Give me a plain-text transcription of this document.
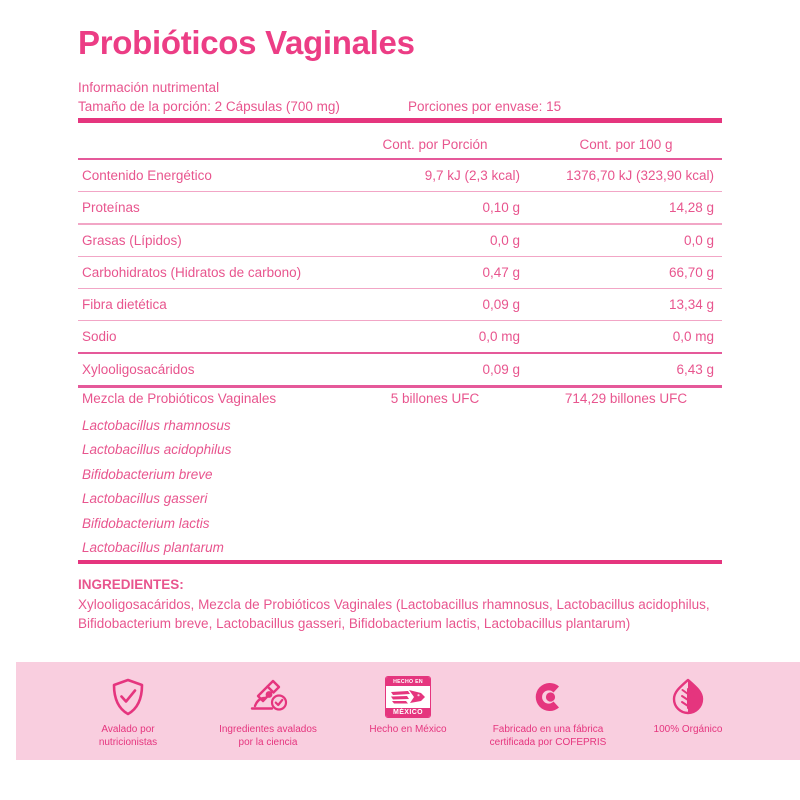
Probióticos Vaginales
Información nutrimental
Tamaño de la porción: 2 Cápsulas (700 mg)	Porciones por envase: 15
Cont. por Porción	Cont. por 100 g
Contenido Energético	9,7 kJ (2,3 kcal)	1376,70 kJ (323,90 kcal)
Proteínas	0,10 g	14,28 g
Grasas (Lípidos)	0,0 g	0,0 g
Carbohidratos (Hidratos de carbono)	0,47 g	66,70 g
Fibra dietética	0,09 g	13,34 g
Sodio	0,0 mg	0,0 mg
Xylooligosacáridos	0,09 g	6,43 g
Mezcla de Probióticos Vaginales	5 billones UFC	714,29 billones UFC
Lactobacillus rhamnosus
Lactobacillus acidophilus
Bifidobacterium breve
Lactobacillus gasseri
Bifidobacterium lactis
Lactobacillus plantarum
INGREDIENTES:
Xylooligosacáridos, Mezcla de Probióticos Vaginales (Lactobacillus rhamnosus, Lactobacillus acidophilus, Bifidobacterium breve, Lactobacillus gasseri, Bifidobacterium lactis, Lactobacillus plantarum)
Avalado por
nutricionistas
Ingredientes avalados
por la ciencia
HECHO EN
MÉXICO
Hecho en México	Fabricado en una fábrica
certificada por COFEPRIS
100% Orgánico
